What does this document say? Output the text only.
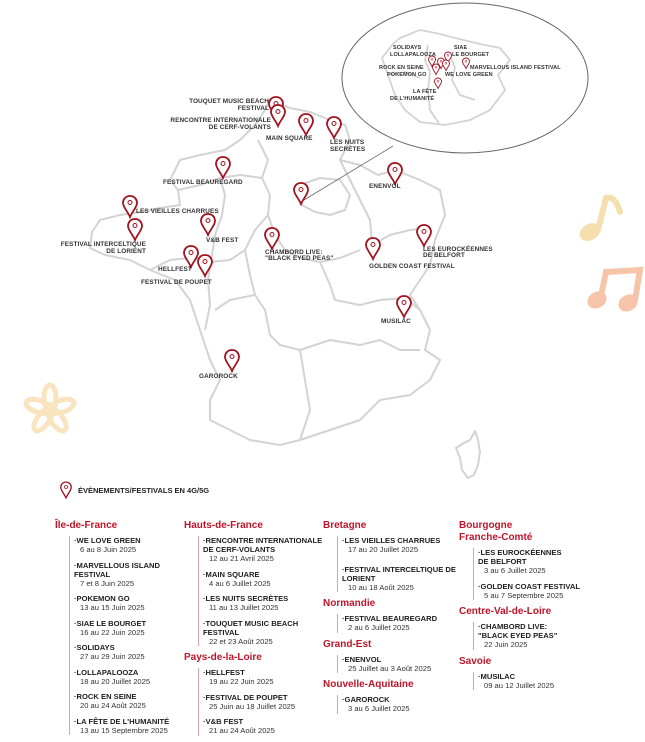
SOLIDAYS
LOLLAPALOOZA
SIAE
LE BOURGET
ROCK EN SEINE
POKEMON GO	WE LOVE GREEN
MARVELLOUS ISLAND FESTIVAL
LA FÊTE
DE L'HUMANITÉ
TOUQUET MUSIC BEACH
FESTIVAL
RENCONTRE INTERNATIONALE
DE CERF-VOLANTS
MAIN SQUARE
LES NUITS
SECRÈTES
FESTIVAL BEAUREGARD
ENENVOL
LES VIEILLES CHARRUES
FESTIVAL INTERCELTIQUE
DE LORIENT
V&B FEST
CHAMBORD LIVE:
"BLACK EYED PEAS"
HELLFEST
FESTIVAL DE POUPET
GOLDEN COAST FESTIVAL
LES EUROCKÉENNES
DE BELFORT
MUSILAC
GAROROCK
ÉVÈNEMENTS/FESTIVALS EN 4G/5G
Île-de-France
· WE LOVE GREEN
6 au 8 Juin 2025
· MARVELLOUS ISLAND FESTIVAL
7 et 8 Juin 2025
· POKEMON GO
13 au 15 Juin 2025
· SIAE LE BOURGET
16 au 22 Juin 2025
· SOLIDAYS
27 au 29 Juin 2025
· LOLLAPALOOZA
18 au 20 Juillet 2025
· ROCK EN SEINE
20 au 24 Août 2025
· LA FÊTE DE L'HUMANITÉ
13 au 15 Septembre 2025
Hauts-de-France
· RENCONTRE INTERNATIONALE DE CERF-VOLANTS
12 au 21 Avril 2025
· MAIN SQUARE
4 au 6 Juillet 2025
· LES NUITS SECRÈTES
11 au 13 Juillet 2025
· TOUQUET MUSIC BEACH FESTIVAL
22 et 23 Août 2025
Pays-de-la-Loire
· HELLFEST
19 au 22 Juin 2025
· FESTIVAL DE POUPET
25 Juin au 18 Juillet 2025
· V&B FEST
21 au 24 Août 2025
Bretagne
· LES VIEILLES CHARRUES
17 au 20 Juillet 2025
· FESTIVAL INTERCELTIQUE DE LORIENT
10 au 18 Août 2025
Normandie
· FESTIVAL BEAUREGARD
2 au 6 Juillet 2025
Grand-Est
· ENENVOL
25 Juillet au 3 Août 2025
Nouvelle-Aquitaine
· GAROROCK
3 au 6 Juillet 2025
Bourgogne Franche-Comté
· LES EUROCKÉENNES DE BELFORT
3 au 6 Juillet 2025
· GOLDEN COAST FESTIVAL
5 au 7 Septembre 2025
Centre-Val-de-Loire
· CHAMBORD LIVE: "BLACK EYED PEAS"
22 Juin 2025
Savoie
· MUSILAC
09 au 12 Juillet 2025
